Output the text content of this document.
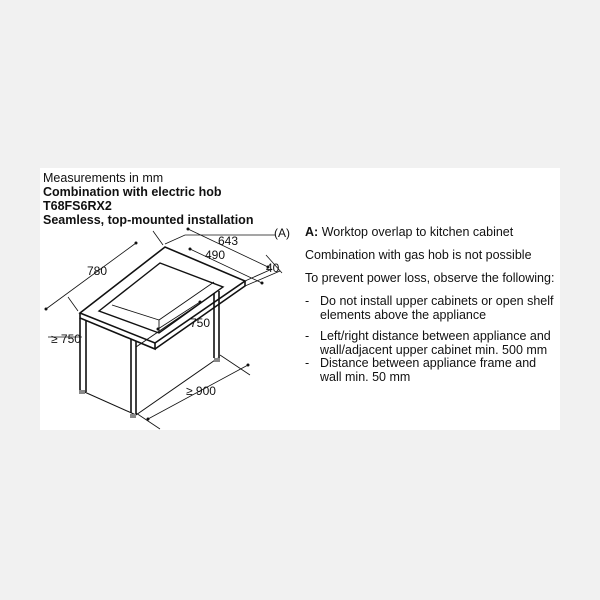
Measurements in mm
Combination with electric hob
T68FS6RX2
Seamless, top-mounted installation
643
490
40
(A)
780
750
≥ 750
≥ 900
A: Worktop overlap to kitchen cabinet
Combination with gas hob is not possible
To prevent power loss, observe the following:
- Do not install upper cabinets or open shelf elements above the appliance
- Left/right distance between appliance and wall/adjacent upper cabinet min. 500 mm
- Distance between appliance frame and wall min. 50 mm
